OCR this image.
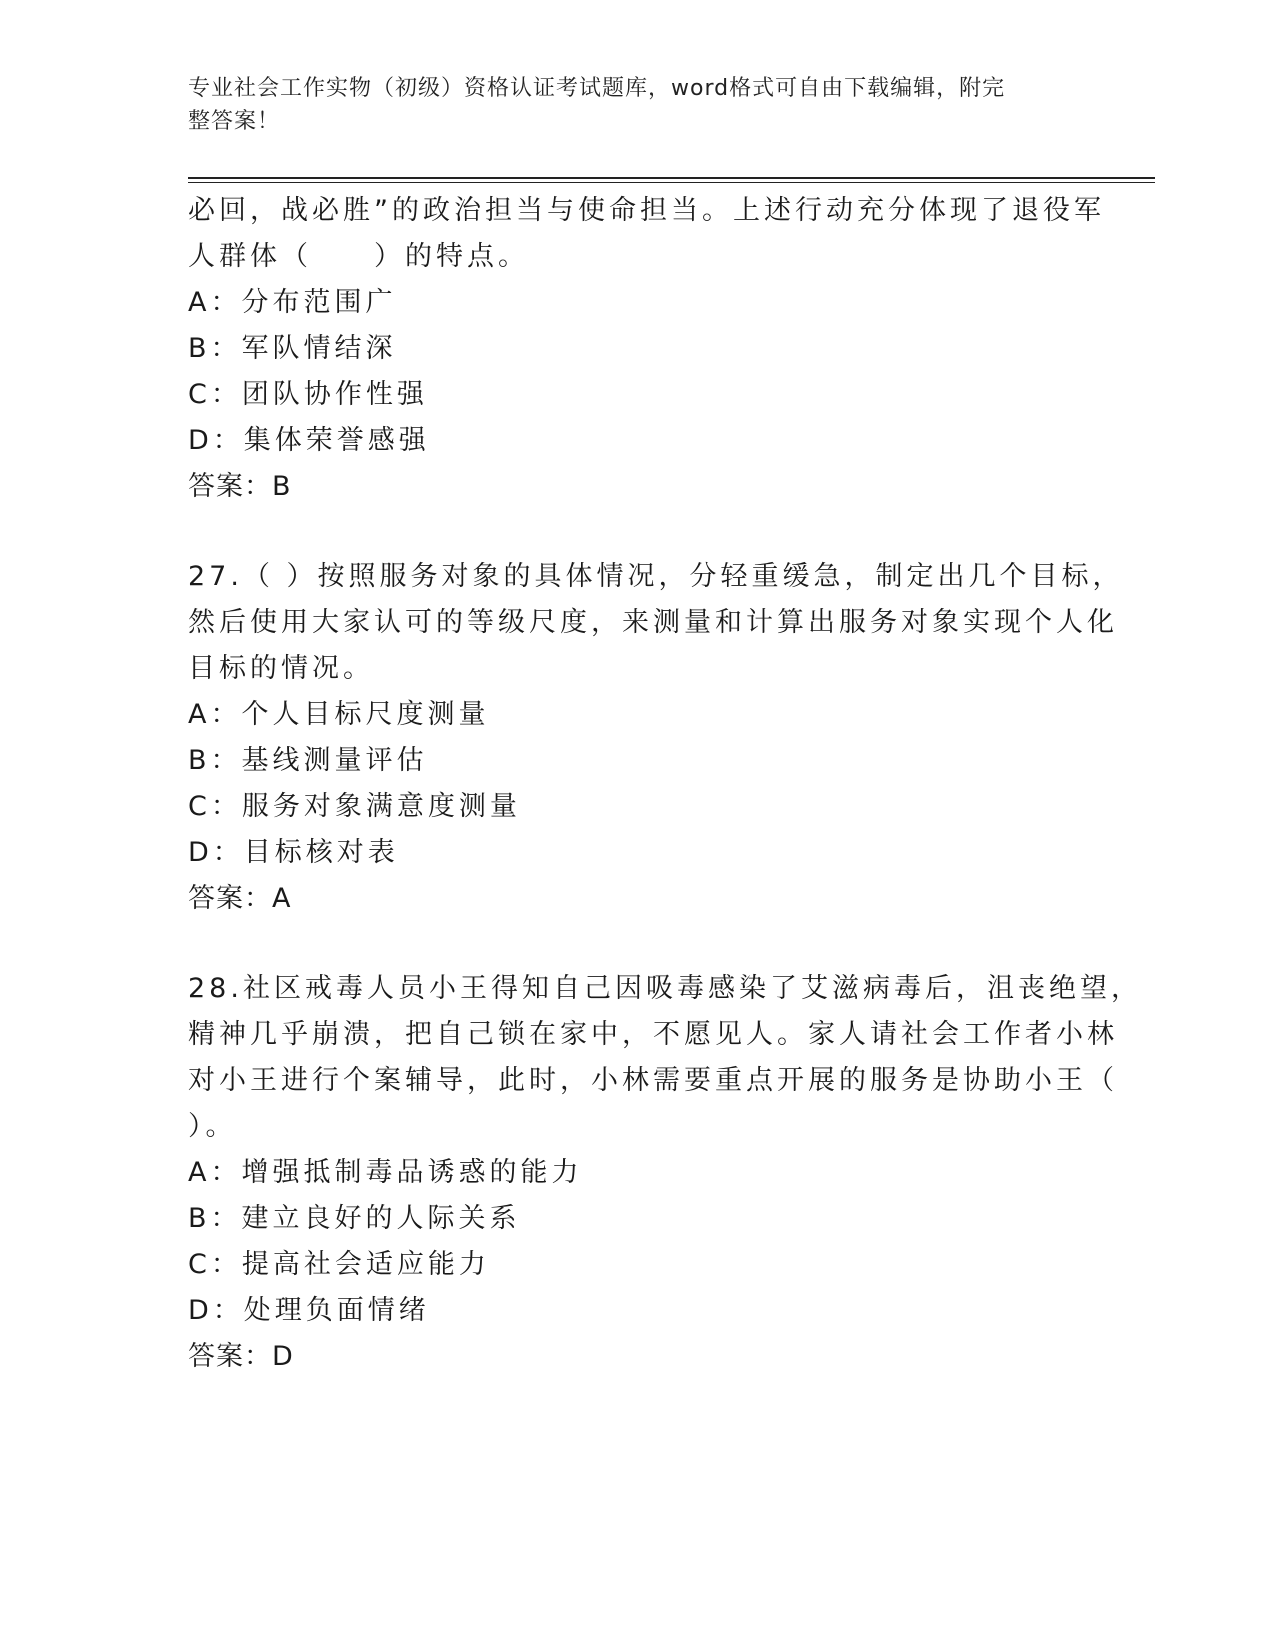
专业社会工作实物（初级）资格认证考试题库，word格式可自由下载编辑，附完
整答案！
必回，战必胜”的政治担当与使命担当。上述行动充分体现了退役军
人群体（　　）的特点。
A：分布范围广
B：军队情结深
C：团队协作性强
D：集体荣誉感强
答案：B
27.（ ）按照服务对象的具体情况，分轻重缓急，制定出几个目标，
然后使用大家认可的等级尺度，来测量和计算出服务对象实现个人化
目标的情况。
A：个人目标尺度测量
B：基线测量评估
C：服务对象满意度测量
D：目标核对表
答案：A
28.社区戒毒人员小王得知自己因吸毒感染了艾滋病毒后，沮丧绝望，
精神几乎崩溃，把自己锁在家中，不愿见人。家人请社会工作者小林
对小王进行个案辅导，此时，小林需要重点开展的服务是协助小王（
）。
A：增强抵制毒品诱惑的能力
B：建立良好的人际关系
C：提高社会适应能力
D：处理负面情绪
答案：D
